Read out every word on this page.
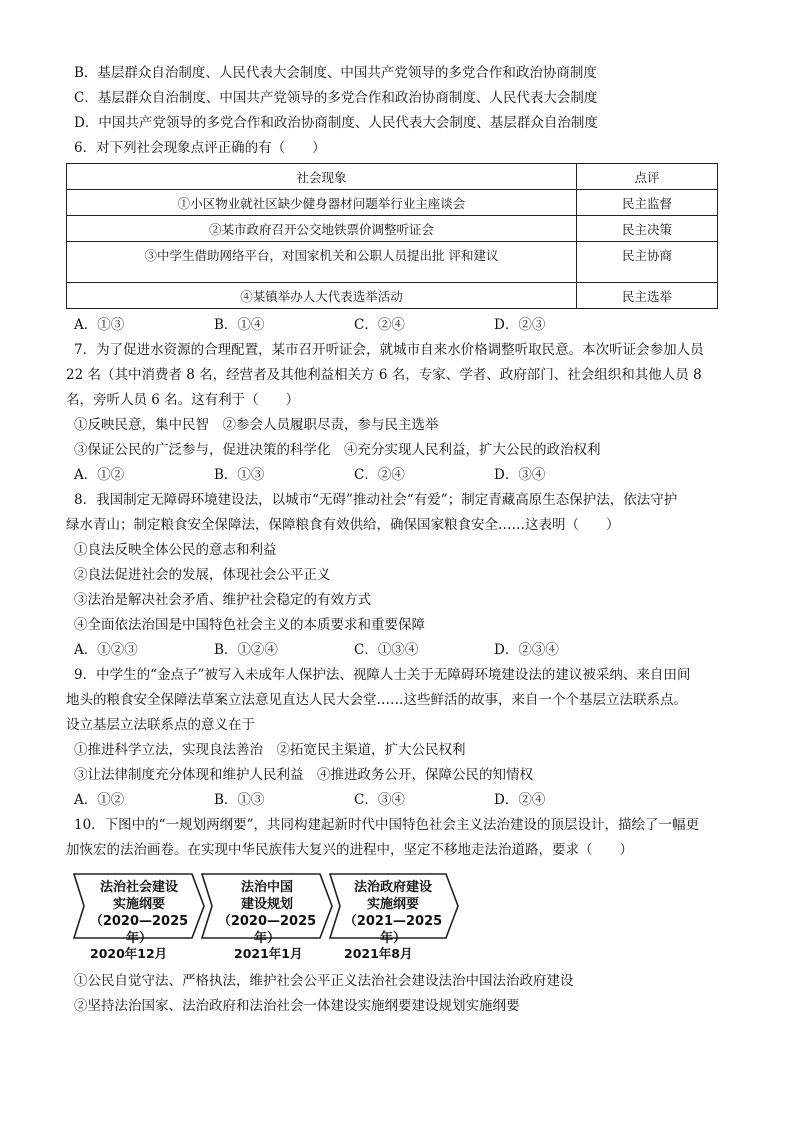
B．基层群众自治制度、人民代表大会制度、中国共产党领导的多党合作和政治协商制度
C．基层群众自治制度、中国共产党领导的多党合作和政治协商制度、人民代表大会制度
D．中国共产党领导的多党合作和政治协商制度、人民代表大会制度、基层群众自治制度
6．对下列社会现象点评正确的有（　　）
社会现象	点评
①小区物业就社区缺少健身器材问题举行业主座谈会	民主监督
②某市政府召开公交地铁票价调整听证会	民主决策
③中学生借助网络平台，对国家机关和公职人员提出批 评和建议	民主协商
④某镇举办人大代表选举活动	民主选举
A．①③	B．①④	C．②④	D．②③
7．为了促进水资源的合理配置，某市召开听证会，就城市自来水价格调整听取民意。本次听证会参加人员
22 名（其中消费者 8 名，经营者及其他利益相关方 6 名，专家、学者、政府部门、社会组织和其他人员 8
名，旁听人员 6 名。这有利于（　　）
①反映民意，集中民智　②参会人员履职尽责，参与民主选举
③保证公民的广泛参与，促进决策的科学化　④充分实现人民利益，扩大公民的政治权利
A．①②	B．①③	C．②④	D．③④
8．我国制定无障碍环境建设法，以城市“无碍”推动社会“有爱”；制定青藏高原生态保护法，依法守护
绿水青山；制定粮食安全保障法，保障粮食有效供给，确保国家粮食安全……这表明（　　）
①良法反映全体公民的意志和利益
②良法促进社会的发展，体现社会公平正义
③法治是解决社会矛盾、维护社会稳定的有效方式
④全面依法治国是中国特色社会主义的本质要求和重要保障
A．①②③	B．①②④	C．①③④	D．②③④
9．中学生的“金点子”被写入未成年人保护法、视障人士关于无障碍环境建设法的建议被采纳、来自田间
地头的粮食安全保障法草案立法意见直达人民大会堂……这些鲜活的故事，来自一个个基层立法联系点。
设立基层立法联系点的意义在于
①推进科学立法，实现良法善治　②拓宽民主渠道，扩大公民权利
③让法律制度充分体现和维护人民利益　④推进政务公开，保障公民的知情权
A．①②	B．①③	C．③④	D．②④
10．下图中的“一规划两纲要”，共同构建起新时代中国特色社会主义法治建设的顶层设计，描绘了一幅更
加恢宏的法治画卷。在实现中华民族伟大复兴的进程中，坚定不移地走法治道路，要求（　　）
法治社会建设
实施纲要
（2020—2025年）
法治中国
建设规划
（2020—2025年）
法治政府建设
实施纲要
（2021—2025年）
2020年12月	2021年1月	2021年8月
①公民自觉守法、严格执法，维护社会公平正义法治社会建设法治中国法治政府建设
②坚持法治国家、法治政府和法治社会一体建设实施纲要建设规划实施纲要
